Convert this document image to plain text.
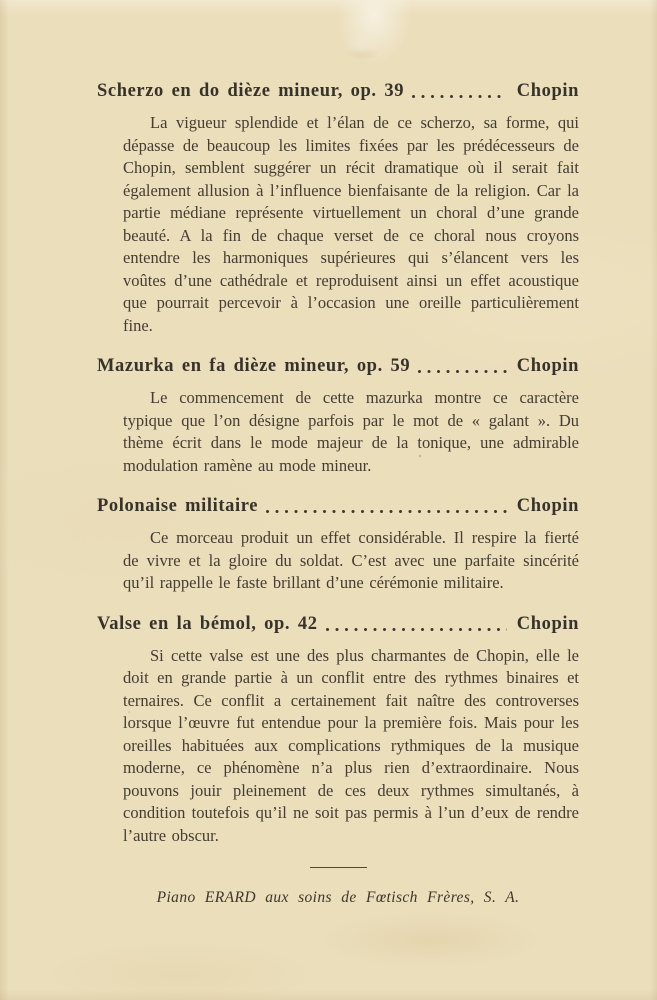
Scherzo en do dièze mineur, op. 39	Chopin

La vigueur splendide et l’élan de ce scherzo, sa forme, qui dépasse de beaucoup les limites fixées par les prédécesseurs de Chopin, semblent suggérer un récit dramatique où il serait fait également allusion à l’influence bienfaisante de la religion. Car la partie médiane représente virtuellement un choral d’une grande beauté. A la fin de chaque verset de ce choral nous croyons entendre les harmoniques supérieures qui s’élancent vers les voûtes d’une cathédrale et reproduisent ainsi un effet acoustique que pourrait percevoir à l’occasion une oreille particulièrement fine.

Mazurka en fa dièze mineur, op. 59	Chopin

Le commencement de cette mazurka montre ce caractère typique que l’on désigne parfois par le mot de « galant ». Du thème écrit dans le mode majeur de la tonique, une admirable modulation ramène au mode mineur.

Polonaise militaire	Chopin

Ce morceau produit un effet considérable. Il respire la fierté de vivre et la gloire du soldat. C’est avec une parfaite sincérité qu’il rappelle le faste brillant d’une cérémonie militaire.

Valse en la bémol, op. 42	Chopin

Si cette valse est une des plus charmantes de Chopin, elle le doit en grande partie à un conflit entre des rythmes binaires et ternaires. Ce conflit a certainement fait naître des controverses lorsque l’œuvre fut entendue pour la première fois. Mais pour les oreilles habituées aux complications rythmiques de la musique moderne, ce phénomène n’a plus rien d’extraordinaire. Nous pouvons jouir pleinement de ces deux rythmes simultanés, à condition toutefois qu’il ne soit pas permis à l’un d’eux de rendre l’autre obscur.

Piano ERARD aux soins de Fœtisch Frères, S. A.
